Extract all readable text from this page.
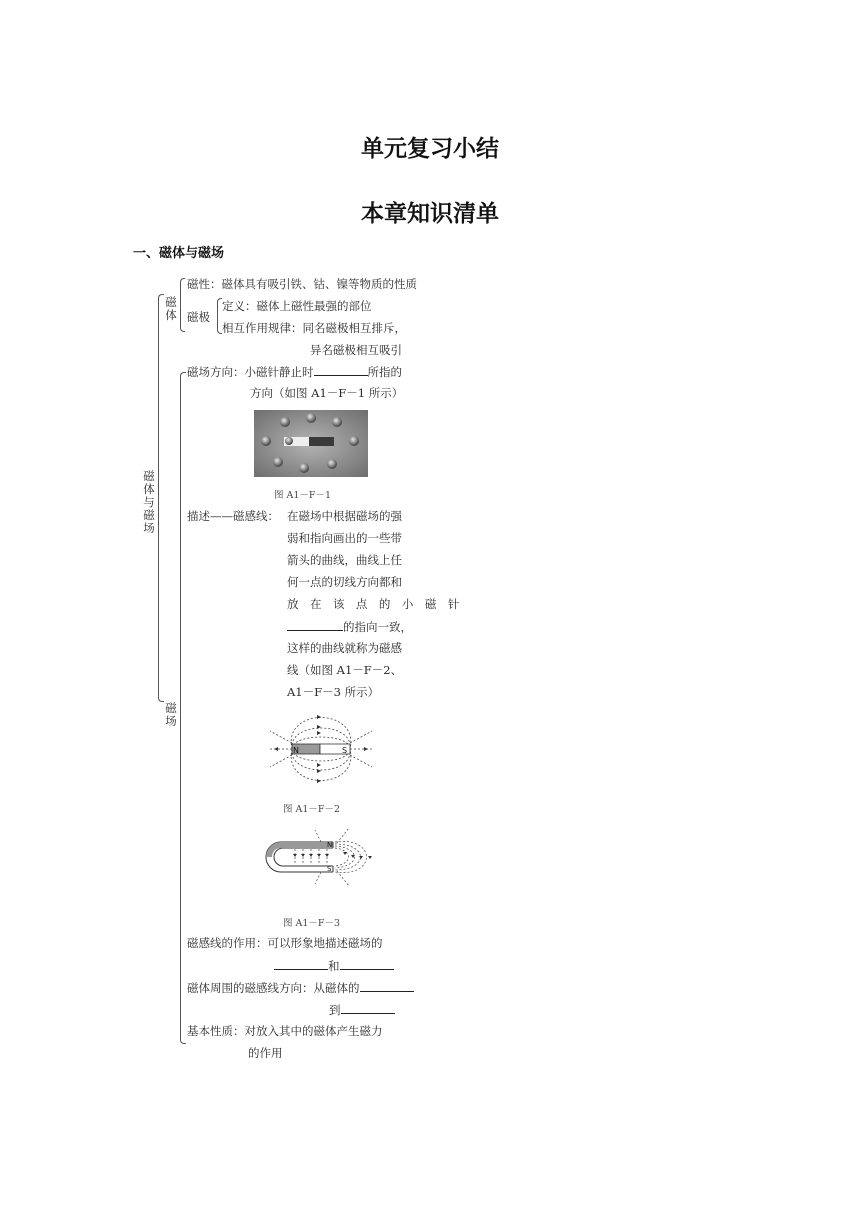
单元复习小结
本章知识清单
一、磁体与磁场
磁体与磁场
磁体
磁性：磁体具有吸引铁、钴、镍等物质的性质
磁极
定义：磁体上磁性最强的部位
相互作用规律：同名磁极相互排斥，
异名磁极相互吸引
磁场
磁场方向：小磁针静止时	所指的
方向（如图 A1－F－1 所示）
图 A1－F－1
描述——磁感线： 在磁场中根据磁场的强
弱和指向画出的一些带
箭头的曲线，曲线上任
何一点的切线方向都和
放 在 该 点 的 小 磁 针
的指向一致，
这样的曲线就称为磁感
线（如图 A1－F－2、
A1－F－3 所示）
N	S
图 A1－F－2
N
S
图 A1－F－3
磁感线的作用：可以形象地描述磁场的
和
磁体周围的磁感线方向：从磁体的
到
基本性质：对放入其中的磁体产生磁力
的作用
